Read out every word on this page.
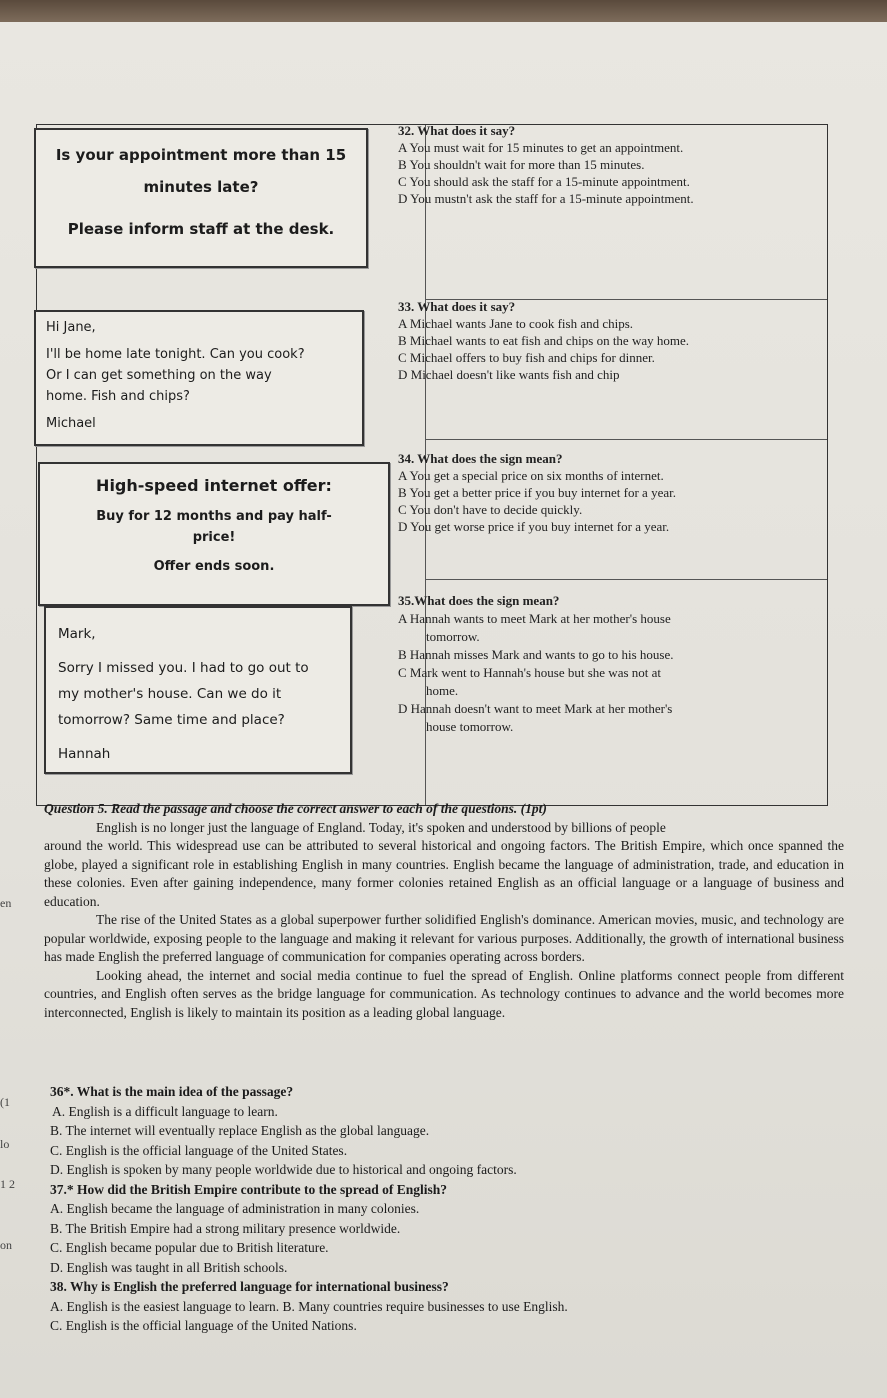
en
(1
lo
1 2
on

Is your appointment more than 15

minutes late?

Please inform staff at the desk.

32. What does it say?
A You must wait for 15 minutes to get an appointment.
B You shouldn't wait for more than 15 minutes.
C You should ask the staff for a 15-minute appointment.
D You mustn't ask the staff for a 15-minute appointment.

Hi Jane,

I'll be home late tonight. Can you cook?

Or I can get something on the way

home. Fish and chips?

Michael

33. What does it say?
A Michael wants Jane to cook fish and chips.
B Michael wants to eat fish and chips on the way home.
C Michael offers to buy fish and chips for dinner.
D Michael doesn't like wants fish and chip

High-speed internet offer:

Buy for 12 months and pay half-

price!

Offer ends soon.

34. What does the sign mean?
A You get a special price on six months of internet.
B You get a better price if you buy internet for a year.
C You don't have to decide quickly.
D You get worse price if you buy internet for a year.

Mark,

Sorry I missed you. I had to go out to

my mother's house. Can we do it

tomorrow? Same time and place?

Hannah

35.What does the sign mean?
A Hannah wants to meet Mark at her mother's house
tomorrow.
B Hannah misses Mark and wants to go to his house.
C Mark went to Hannah's house but she was not at
home.
D Hannah doesn't want to meet Mark at her mother's
house tomorrow.

Question 5. Read the passage and choose the correct answer to each of the questions. (1pt)

English is no longer just the language of England. Today, it's spoken and understood by billions of people

around the world. This widespread use can be attributed to several historical and ongoing factors. The British Empire, which once spanned the globe, played a significant role in establishing English in many countries. English became the language of administration, trade, and education in these colonies. Even after gaining independence, many former colonies retained English as an official language or a language of business and education.

The rise of the United States as a global superpower further solidified English's dominance. American movies, music, and technology are popular worldwide, exposing people to the language and making it relevant for various purposes. Additionally, the growth of international business has made English the preferred language of communication for companies operating across borders.

Looking ahead, the internet and social media continue to fuel the spread of English. Online platforms connect people from different countries, and English often serves as the bridge language for communication. As technology continues to advance and the world becomes more interconnected, English is likely to maintain its position as a leading global language.

36*. What is the main idea of the passage?
A. English is a difficult language to learn.
B. The internet will eventually replace English as the global language.
C. English is the official language of the United States.
D. English is spoken by many people worldwide due to historical and ongoing factors.
37.* How did the British Empire contribute to the spread of English?
A. English became the language of administration in many colonies.
B. The British Empire had a strong military presence worldwide.
C. English became popular due to British literature.
D. English was taught in all British schools.
38. Why is English the preferred language for international business?
A. English is the easiest language to learn. B. Many countries require businesses to use English.
C. English is the official language of the United Nations.
